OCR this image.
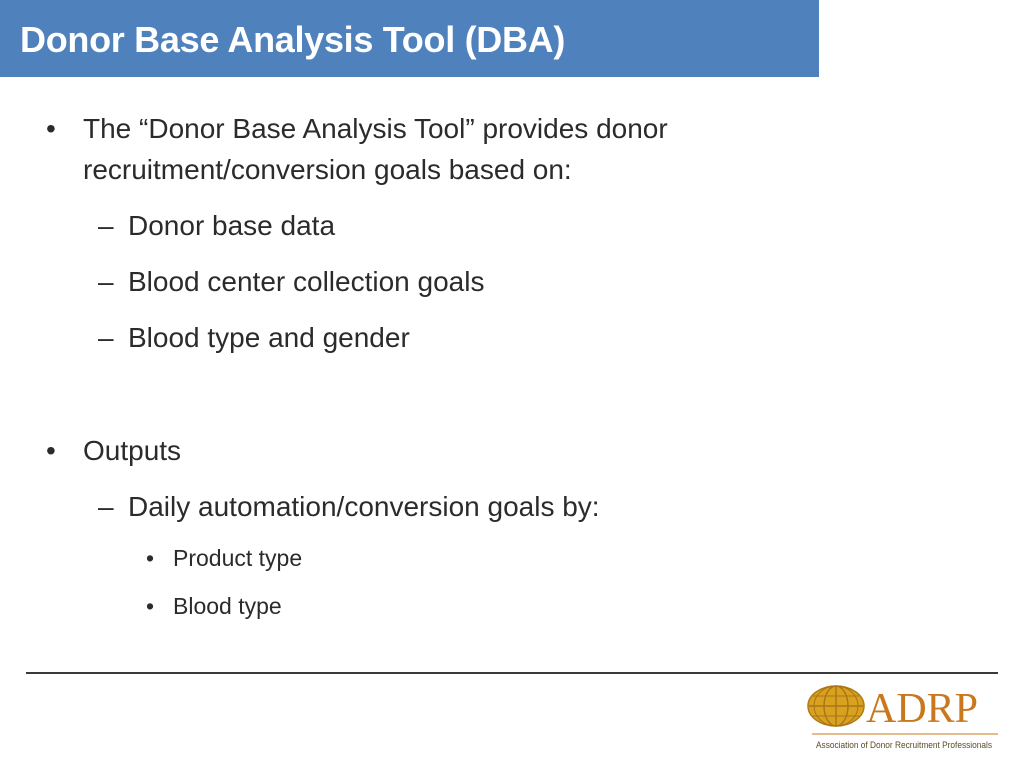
Donor Base Analysis Tool (DBA)
• The “Donor Base Analysis Tool” provides donor
recruitment/conversion goals based on:
– Donor base data
– Blood center collection goals
– Blood type and gender
• Outputs
– Daily automation/conversion goals by:
• Product type
• Blood type
ADRP
Association of Donor Recruitment Professionals
